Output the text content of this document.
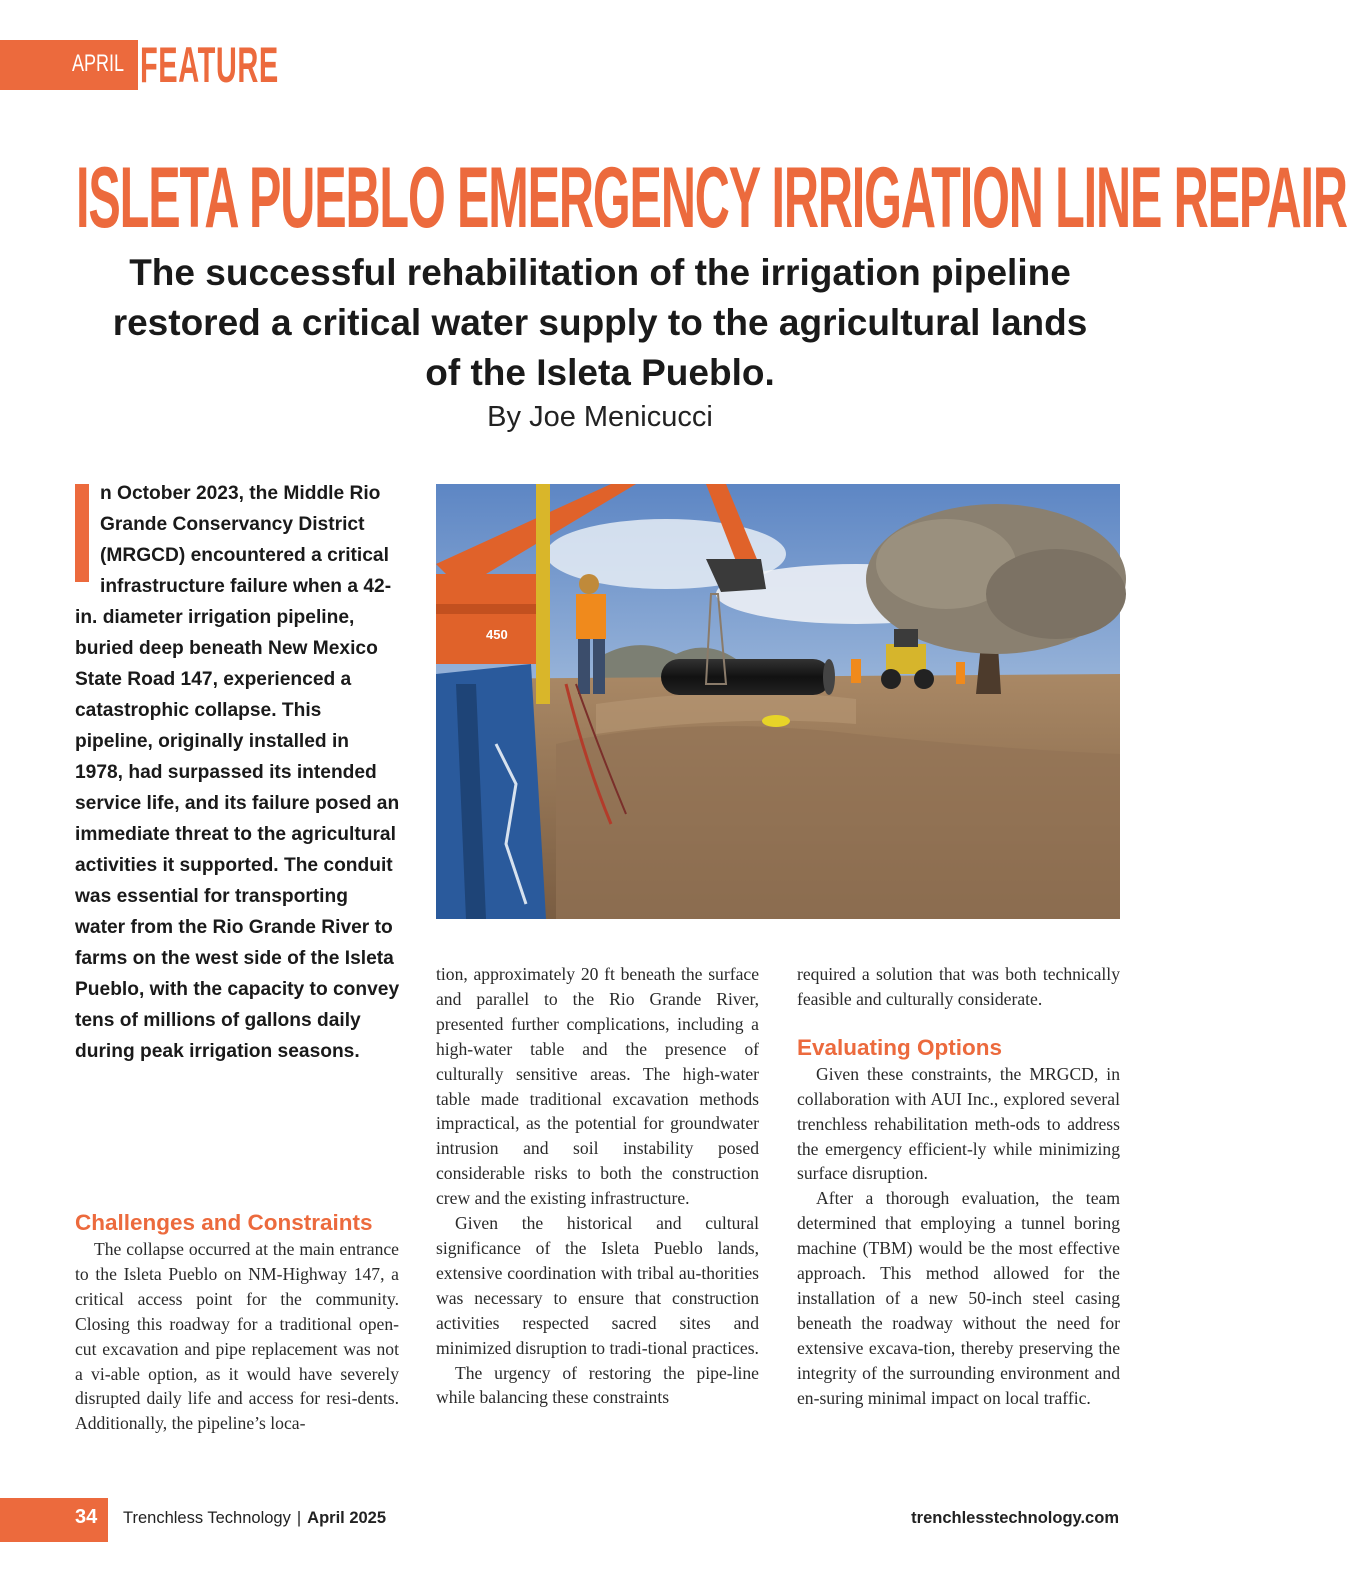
APRIL FEATURE
ISLETA PUEBLO EMERGENCY IRRIGATION LINE REPAIR
The successful rehabilitation of the irrigation pipeline restored a critical water supply to the agricultural lands of the Isleta Pueblo.
By Joe Menicucci
n October 2023, the Middle Rio Grande Conservancy District (MRGCD) encountered a critical infrastructure failure when a 42-in. diameter irrigation pipeline, buried deep beneath New Mexico State Road 147, experienced a catastrophic collapse. This pipeline, originally installed in 1978, had surpassed its intended service life, and its failure posed an immediate threat to the agricultural activities it supported. The conduit was essential for transporting water from the Rio Grande River to farms on the west side of the Isleta Pueblo, with the capacity to convey tens of millions of gallons daily during peak irrigation seasons.
450
Challenges and Constraints

The collapse occurred at the main entrance to the Isleta Pueblo on NM-Highway 147, a critical access point for the community. Closing this roadway for a traditional open-cut excavation and pipe replacement was not a vi-able option, as it would have severely disrupted daily life and access for resi-dents. Additionally, the pipeline’s loca-

tion, approximately 20 ft beneath the surface and parallel to the Rio Grande River, presented further complications, including a high-water table and the presence of culturally sensitive areas. The high-water table made traditional excavation methods impractical, as the potential for groundwater intrusion and soil instability posed considerable risks to both the construction crew and the existing infrastructure.

Given the historical and cultural significance of the Isleta Pueblo lands, extensive coordination with tribal au-thorities was necessary to ensure that construction activities respected sacred sites and minimized disruption to tradi-tional practices.

The urgency of restoring the pipe-line while balancing these constraints

required a solution that was both technically feasible and culturally considerate.

Evaluating Options

Given these constraints, the MRGCD, in collaboration with AUI Inc., explored several trenchless rehabilitation meth-ods to address the emergency efficient-ly while minimizing surface disruption.

After a thorough evaluation, the team determined that employing a tunnel boring machine (TBM) would be the most effective approach. This method allowed for the installation of a new 50-inch steel casing beneath the roadway without the need for extensive excava-tion, thereby preserving the integrity of the surrounding environment and en-suring minimal impact on local traffic.

34 Trenchless Technology | April 2025	trenchlesstechnology.com
